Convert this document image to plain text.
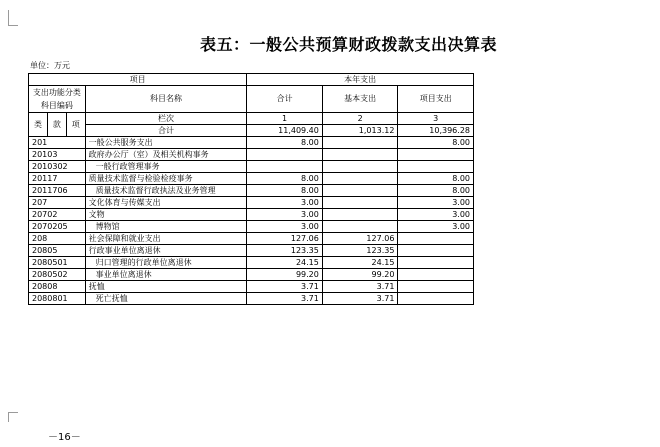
表五：一般公共预算财政拨款支出决算表
单位：万元
项目				本年支出		
支出功能分类科目编码			科目名称	合计	基本支出	项目支出
类	款	项	栏次	1	2	3
			合计	11,409.40	1,013.12	10,396.28
201			一般公共服务支出	8.00		8.00
20103			政府办公厅（室）及相关机构事务			
2010302			一般行政管理事务			
20117			质量技术监督与检验检疫事务	8.00		8.00
2011706			质量技术监督行政执法及业务管理	8.00		8.00
207			文化体育与传媒支出	3.00		3.00
20702			文物	3.00		3.00
2070205			博物馆	3.00		3.00
208			社会保障和就业支出	127.06	127.06	
20805			行政事业单位离退休	123.35	123.35	
2080501			归口管理的行政单位离退休	24.15	24.15	
2080502			事业单位离退休	99.20	99.20	
20808			抚恤	3.71	3.71	
2080801			死亡抚恤	3.71	3.71	
－16－
